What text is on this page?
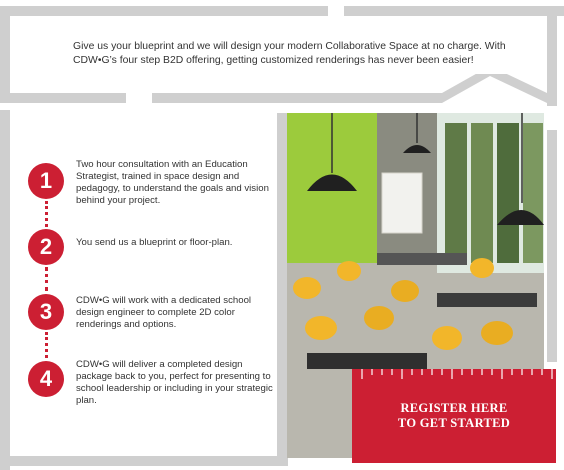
Give us your blueprint and we will design your modern Collaborative Space at no charge. With CDW•G’s four step B2D offering, getting customized renderings has never been easier!
1
2
3
4
Two hour consultation with an Education Strategist, trained in space design and pedagogy, to understand the goals and vision behind your project.
You send us a blueprint or floor-plan.
CDW•G will work with a dedicated school design engineer to complete 2D color renderings and options.
CDW•G will deliver a completed design package back to you, perfect for presenting to school leadership or including in your strategic plan.
REGISTER HERE
TO GET STARTED
